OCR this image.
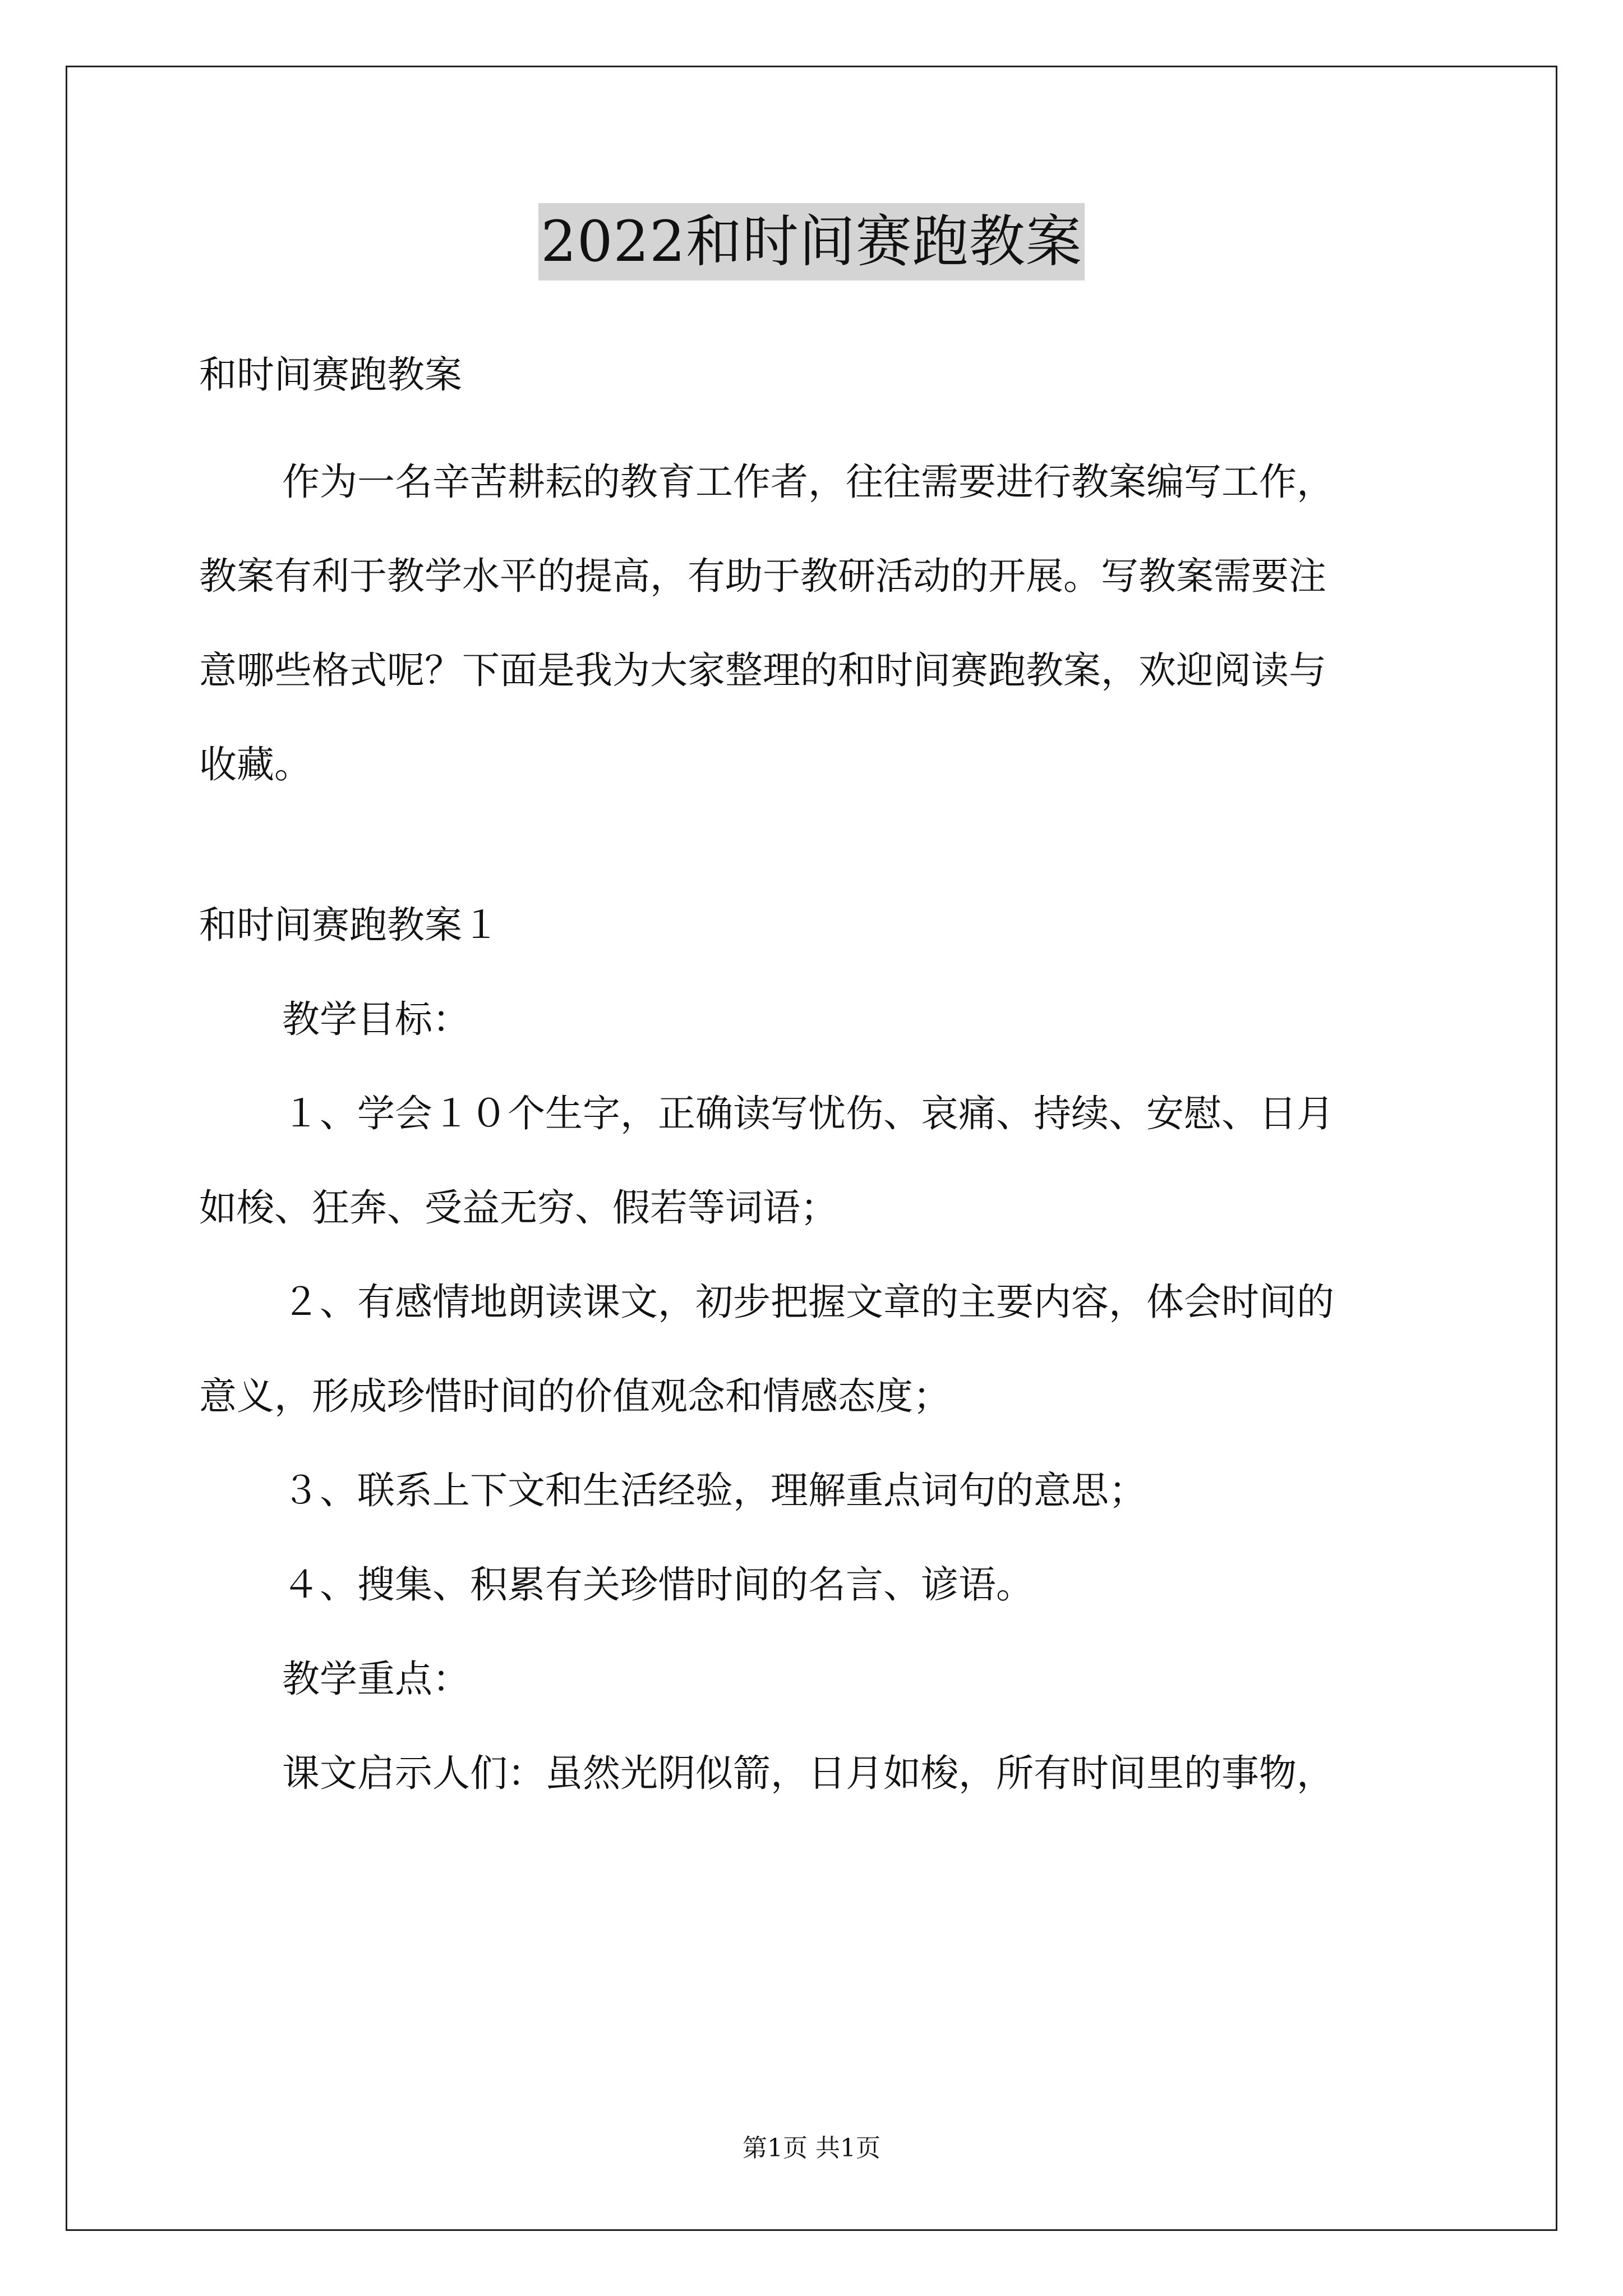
2022和时间赛跑教案
和时间赛跑教案
作为一名辛苦耕耘的教育工作者，往往需要进行教案编写工作，
教案有利于教学水平的提高，有助于教研活动的开展。写教案需要注
意哪些格式呢？下面是我为大家整理的和时间赛跑教案，欢迎阅读与
收藏。
和时间赛跑教案１
教学目标：
１、学会１０个生字，正确读写忧伤、哀痛、持续、安慰、日月
如梭、狂奔、受益无穷、假若等词语；
２、有感情地朗读课文，初步把握文章的主要内容，体会时间的
意义，形成珍惜时间的价值观念和情感态度；
３、联系上下文和生活经验，理解重点词句的意思；
４、搜集、积累有关珍惜时间的名言、谚语。
教学重点：
课文启示人们：虽然光阴似箭，日月如梭，所有时间里的事物，
第1页 共1页
